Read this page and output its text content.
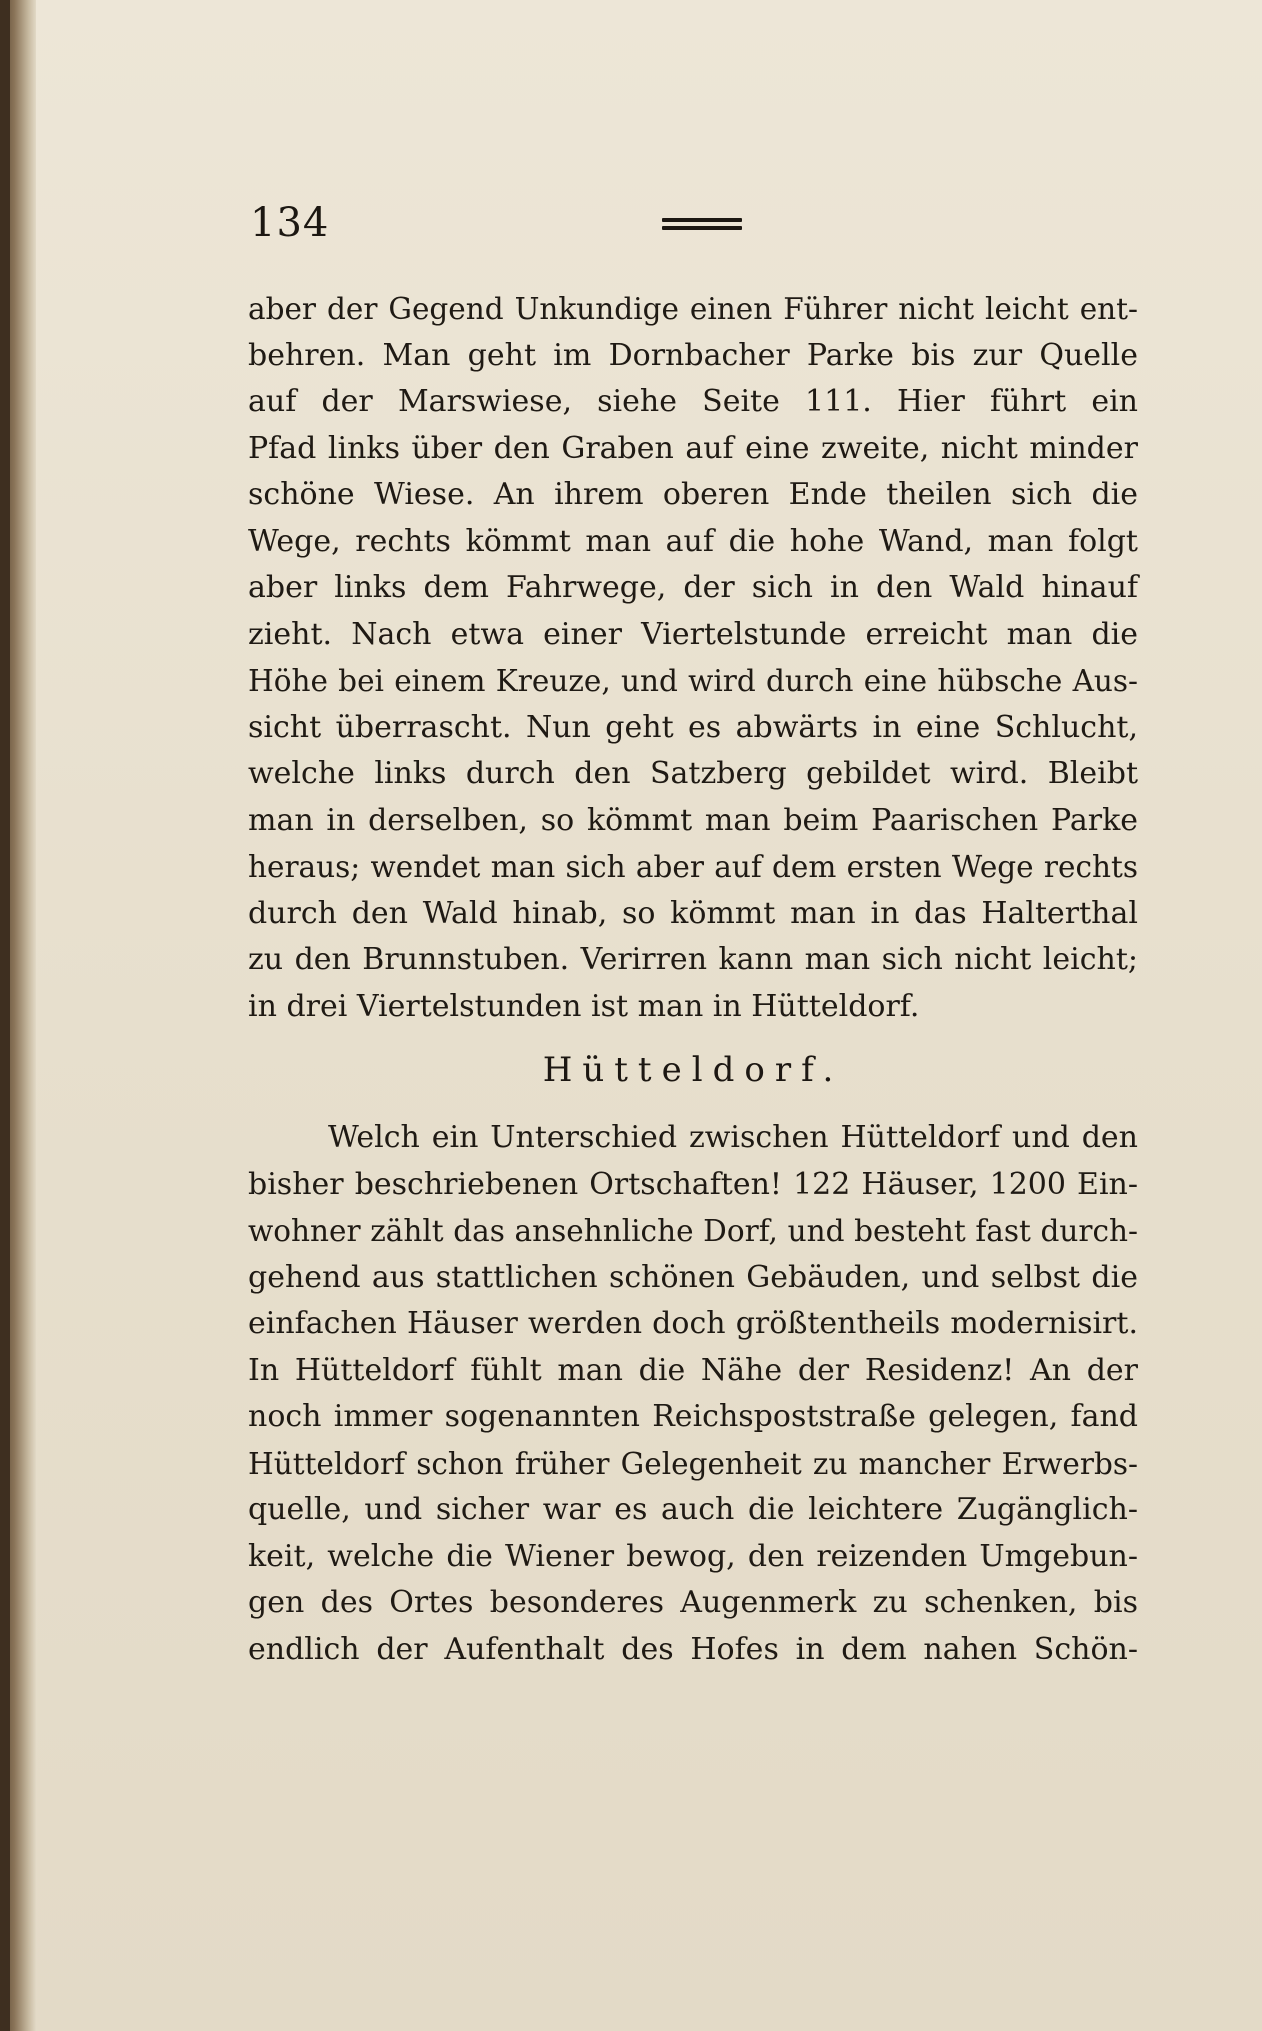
134
aber der Gegend Unkundige einen Führer nicht leicht ent-
behren. Man geht im Dornbacher Parke bis zur Quelle
auf der Marswiese, siehe Seite 111. Hier führt ein
Pfad links über den Graben auf eine zweite, nicht minder
schöne Wiese. An ihrem oberen Ende theilen sich die
Wege, rechts kömmt man auf die hohe Wand, man folgt
aber links dem Fahrwege, der sich in den Wald hinauf
zieht. Nach etwa einer Viertelstunde erreicht man die
Höhe bei einem Kreuze, und wird durch eine hübsche Aus-
sicht überrascht. Nun geht es abwärts in eine Schlucht,
welche links durch den Satzberg gebildet wird. Bleibt
man in derselben, so kömmt man beim Paarischen Parke
heraus; wendet man sich aber auf dem ersten Wege rechts
durch den Wald hinab, so kömmt man in das Halterthal
zu den Brunnstuben. Verirren kann man sich nicht leicht;
in drei Viertelstunden ist man in Hütteldorf.
Hütteldorf.
Welch ein Unterschied zwischen Hütteldorf und den
bisher beschriebenen Ortschaften! 122 Häuser, 1200 Ein-
wohner zählt das ansehnliche Dorf, und besteht fast durch-
gehend aus stattlichen schönen Gebäuden, und selbst die
einfachen Häuser werden doch größtentheils modernisirt.
In Hütteldorf fühlt man die Nähe der Residenz! An der
noch immer sogenannten Reichspoststraße gelegen, fand
Hütteldorf schon früher Gelegenheit zu mancher Erwerbs-
quelle, und sicher war es auch die leichtere Zugänglich-
keit, welche die Wiener bewog, den reizenden Umgebun-
gen des Ortes besonderes Augenmerk zu schenken, bis
endlich der Aufenthalt des Hofes in dem nahen Schön-
